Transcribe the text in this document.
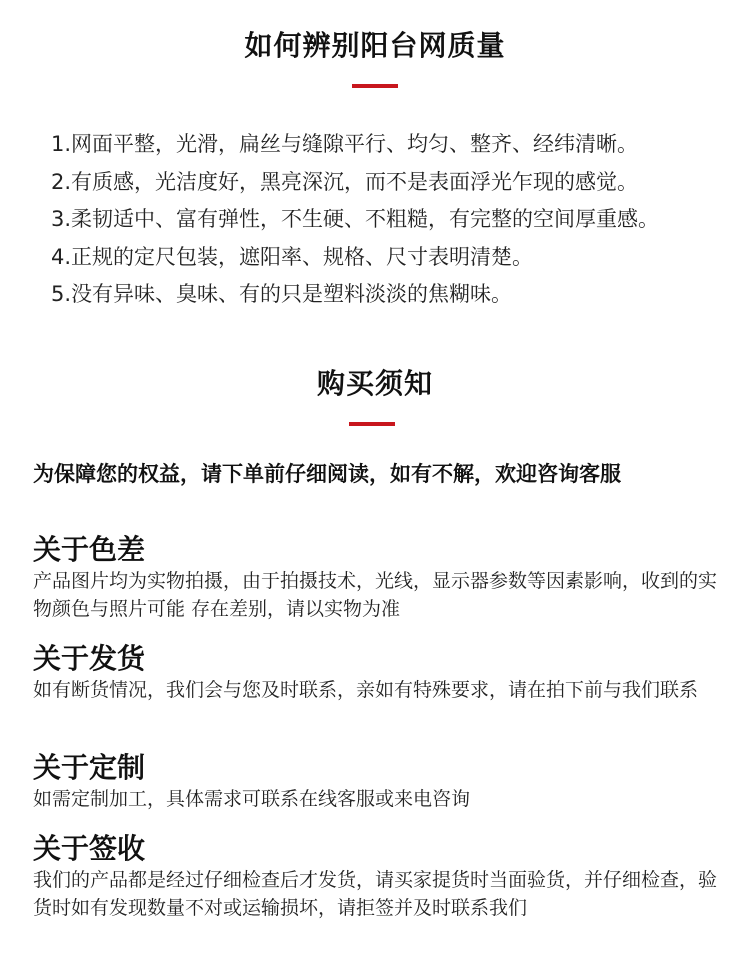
如何辨别阳台网质量
1.网面平整，光滑，扁丝与缝隙平行、均匀、整齐、经纬清晰。
2.有质感，光洁度好，黑亮深沉，而不是表面浮光乍现的感觉。
3.柔韧适中、富有弹性，不生硬、不粗糙，有完整的空间厚重感。
4.正规的定尺包装，遮阳率、规格、尺寸表明清楚。
5.没有异味、臭味、有的只是塑料淡淡的焦糊味。
购买须知

为保障您的权益，请下单前仔细阅读，如有不解，欢迎咨询客服

关于色差

产品图片均为实物拍摄，由于拍摄技术，光线，显示器参数等因素影响，收到的实物颜色与照片可能 存在差别，请以实物为准

关于发货

如有断货情况，我们会与您及时联系，亲如有特殊要求，请在拍下前与我们联系

关于定制

如需定制加工，具体需求可联系在线客服或来电咨询

关于签收

我们的产品都是经过仔细检查后才发货，请买家提货时当面验货，并仔细检查，验货时如有发现数量不对或运输损坏，请拒签并及时联系我们
